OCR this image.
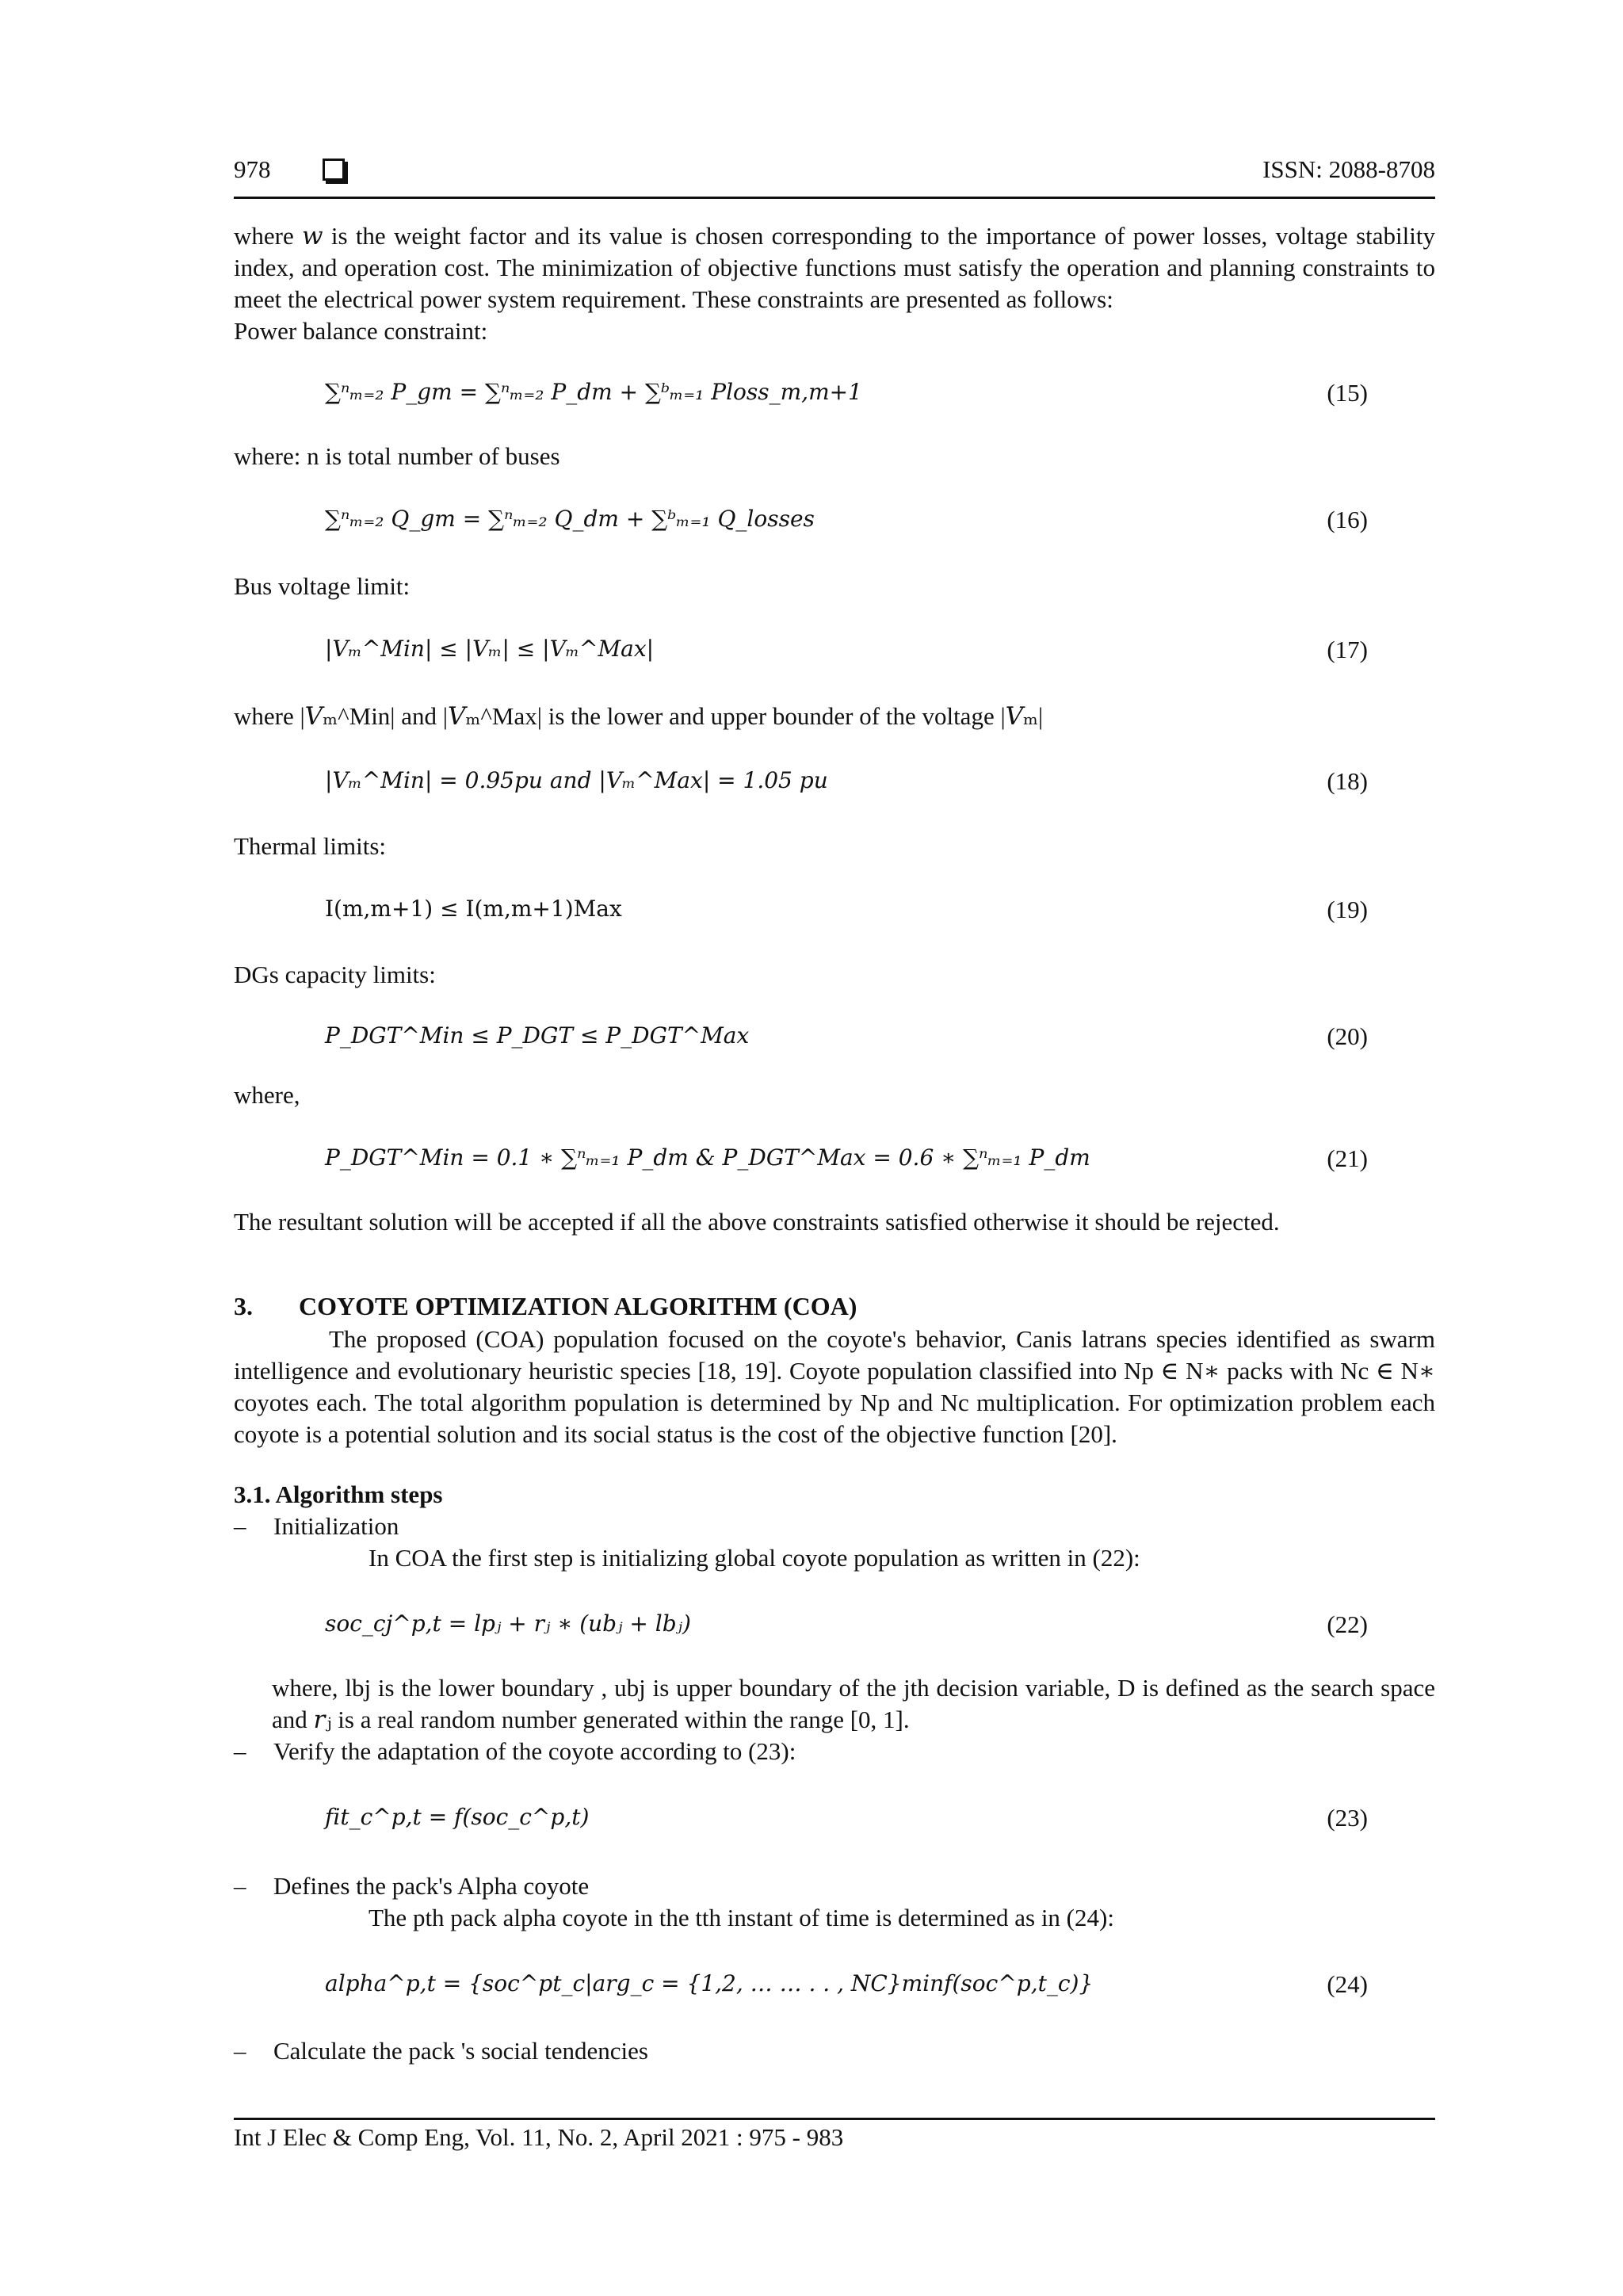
978	ISSN: 2088-8708

where 𝑤 is the weight factor and its value is chosen corresponding to the importance of power losses, voltage stability index, and operation cost. The minimization of objective functions must satisfy the operation and planning constraints to meet the electrical power system requirement. These constraints are presented as follows:

Power balance constraint:

∑ⁿₘ₌₂ 𝑃_gm = ∑ⁿₘ₌₂ 𝑃_dm + ∑ᵇₘ₌₁ 𝑃𝑙𝑜𝑠𝑠_m,m+1	(15)

where: n is total number of buses

∑ⁿₘ₌₂ 𝑄_gm = ∑ⁿₘ₌₂ 𝑄_dm + ∑ᵇₘ₌₁ 𝑄_losses	(16)

Bus voltage limit:

|𝑉ₘ^Min| ≤ |𝑉ₘ| ≤ |𝑉ₘ^Max|	(17)

where |𝑉ₘ^Min| and |𝑉ₘ^Max| is the lower and upper bounder of the voltage |𝑉ₘ|

|𝑉ₘ^Min| = 0.95𝑝𝑢 and |𝑉ₘ^Max| = 1.05 𝑝𝑢	(18)

Thermal limits:

I(m,m+1) ≤ I(m,m+1)Max	(19)

DGs capacity limits:

𝑃_DGT^Min ≤ 𝑃_DGT ≤ 𝑃_DGT^Max	(20)

where,

𝑃_DGT^Min = 0.1 ∗ ∑ⁿₘ₌₁ 𝑃_dm & 𝑃_DGT^Max = 0.6 ∗ ∑ⁿₘ₌₁ 𝑃_dm	(21)

The resultant solution will be accepted if all the above constraints satisfied otherwise it should be rejected.

3. COYOTE OPTIMIZATION ALGORITHM (COA)

The proposed (COA) population focused on the coyote's behavior, Canis latrans species identified as swarm intelligence and evolutionary heuristic species [18, 19]. Coyote population classified into Np ∈ N∗ packs with Nc ∈ N∗ coyotes each. The total algorithm population is determined by Np and Nc multiplication. For optimization problem each coyote is a potential solution and its social status is the cost of the objective function [20].

3.1. Algorithm steps
– Initialization

In COA the first step is initializing global coyote population as written in (22):

𝑠𝑜𝑐_cj^p,t = 𝑙𝑝ⱼ + 𝑟ⱼ ∗ (𝑢𝑏ⱼ + 𝑙𝑏ⱼ)	(22)

where, lbj is the lower boundary , ubj is upper boundary of the jth decision variable, D is defined as the search space and 𝑟ⱼ is a real random number generated within the range [0, 1].

– Verify the adaptation of the coyote according to (23):
𝑓𝑖𝑡_c^p,t = 𝑓(𝑠𝑜𝑐_c^p,t)	(23)
– Defines the pack's Alpha coyote

The pth pack alpha coyote in the tth instant of time is determined as in (24):

𝑎𝑙𝑝ℎ𝑎^p,t = {𝑠𝑜𝑐^pt_c|𝑎𝑟𝑔_c = {1,2, … … . . , 𝑁𝐶}𝑚𝑖𝑛𝑓(𝑠𝑜𝑐^p,t_c)}	(24)
– Calculate the pack 's social tendencies
Int J Elec & Comp Eng, Vol. 11, No. 2, April 2021 : 975 - 983
